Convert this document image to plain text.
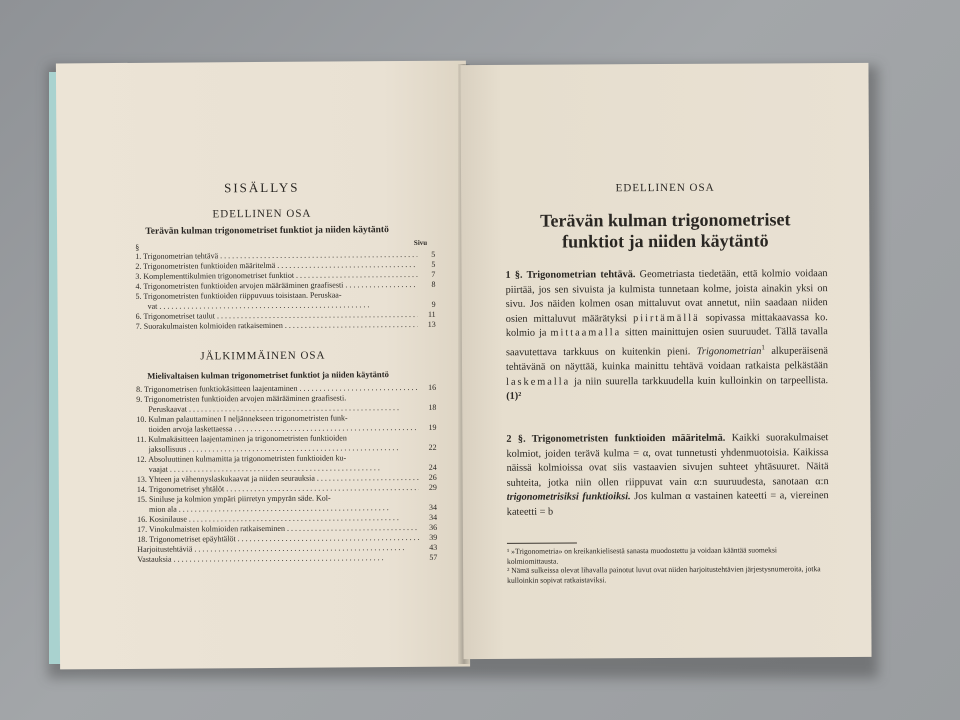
SISÄLLYS
EDELLINEN OSA
Terävän kulman trigonometriset funktiot ja niiden käytäntö
Sivu
§
1. Trigonometrian tehtävä . . .	5
2. Trigonometristen funktioiden määritelmä . . .	5
3. Komplementtikulmien trigonometriset funktiot . . .	7
4. Trigonometristen funktioiden arvojen määrääminen graafisesti . . .	8
5. Trigonometristen funktioiden riippuvuus toisistaan. Peruskaa-
vat . . .	9
6. Trigonometriset taulut . . .	11
7. Suorakulmaisten kolmioiden ratkaiseminen . . .	13
JÄLKIMMÄINEN OSA
Mielivaltaisen kulman trigonometriset funktiot ja niiden käytäntö
8. Trigonometrisen funktiokäsitteen laajentaminen . . .	16
9. Trigonometristen funktioiden arvojen määrääminen graafisesti.
Peruskaavat . . .	18
10. Kulman palauttaminen I neljännekseen trigonometristen funk-
tioiden arvoja laskettaessa . . .	19
11. Kulmakäsitteen laajentaminen ja trigonometristen funktioiden
jaksollisuus . . .	22
12. Absoluuttinen kulmamitta ja trigonometristen funktioiden ku-
vaajat . . .	24
13. Yhteen ja vähennyslaskukaavat ja niiden seurauksia . . .	26
14. Trigonometriset yhtälöt . . .	29
15. Siniluse ja kolmion ympäri piirretyn ympyrän säde. Kol-
mion ala . . .	34
16. Kosinilause . . .	34
17. Vinokulmaisten kolmioiden ratkaiseminen . . .	36
18. Trigonometriset epäyhtälöt . . .	39
Harjoitustehtäviä . . .	43
Vastauksia . . .	57
EDELLINEN OSA
Terävän kulman trigonometriset
funktiot ja niiden käytäntö
1 §. Trigonometrian tehtävä. Geometriasta tiedetään, että kolmio voidaan piirtää, jos sen sivuista ja kulmista tunnetaan kolme, joista ainakin yksi on sivu. Jos näiden kolmen osan mittaluvut ovat annetut, niin saadaan niiden osien mittaluvut määrätyksi piirtämällä sopivassa mittakaavassa ko. kolmio ja mittaamalla sitten mainittujen osien suuruudet. Tällä tavalla saavutettava tarkkuus on kuitenkin pieni. Trigonometrian$^1$ alkuperäisenä tehtävänä on näyttää, kuinka mainittu tehtävä voidaan ratkaista pelkästään laskemalla ja niin suurella tarkkuudella kuin kulloinkin on tarpeellista. (1)²
2 §. Trigonometristen funktioiden määritelmä. Kaikki suorakulmaiset kolmiot, joiden terävä kulma = α, ovat tunnetusti yhdenmuotoisia. Kaikissa näissä kolmioissa ovat siis vastaavien sivujen suhteet yhtäsuuret. Näitä suhteita, jotka niin ollen riippuvat vain α:n suuruudesta, sanotaan α:n trigonometrisiksi funktioiksi. Jos kulman α vastainen kateetti = a, viereinen kateetti = b
¹ »Trigonometria» on kreikankielisestä sanasta muodostettu ja voidaan kääntää suomeksi kolmiomittausta.
² Nämä sulkeissa olevat lihavalla painotut luvut ovat niiden harjoitustehtävien järjestysnumeroita, jotka kulloinkin sopivat ratkaistaviksi.
